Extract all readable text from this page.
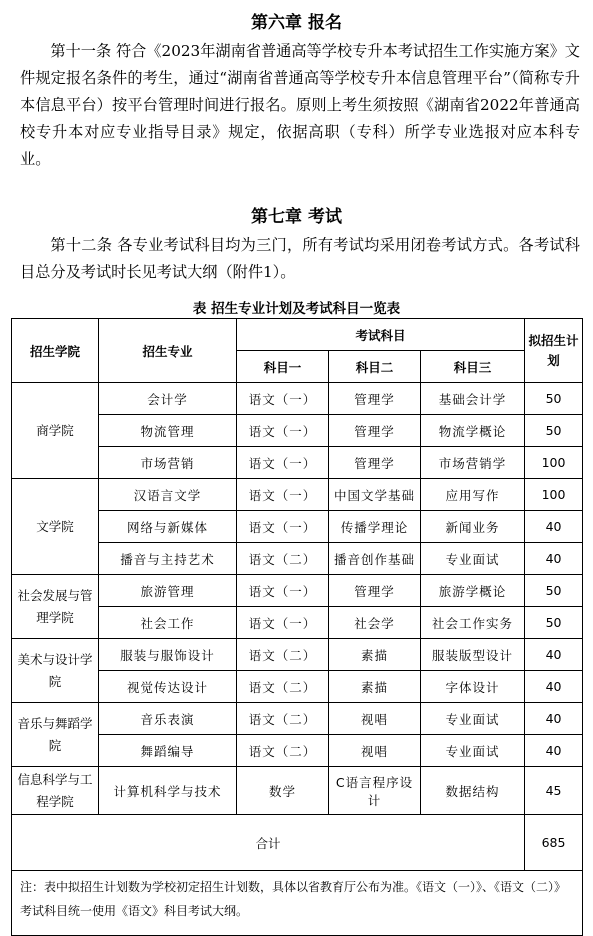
第六章 报名

第十一条 符合《2023年湖南省普通高等学校专升本考试招生工作实施方案》文件规定报名条件的考生，通过“湖南省普通高等学校专升本信息管理平台”（简称专升本信息平台）按平台管理时间进行报名。原则上考生须按照《湖南省2022年普通高校专升本对应专业指导目录》规定，依据高职（专科）所学专业选报对应本科专业。

第七章 考试

第十二条 各专业考试科目均为三门，所有考试均采用闭卷考试方式。各考试科目总分及考试时长见考试大纲（附件1）。

表 招生专业计划及考试科目一览表
招生学院	招生专业	考试科目			拟招生计划
		科目一	科目二	科目三	
商学院	会计学	语文（一）	管理学	基础会计学	50
	物流管理	语文（一）	管理学	物流学概论	50
	市场营销	语文（一）	管理学	市场营销学	100
文学院	汉语言文学	语文（一）	中国文学基础	应用写作	100
	网络与新媒体	语文（一）	传播学理论	新闻业务	40
	播音与主持艺术	语文（二）	播音创作基础	专业面试	40
社会发展与管理学院	旅游管理	语文（一）	管理学	旅游学概论	50
	社会工作	语文（一）	社会学	社会工作实务	50
美术与设计学院	服装与服饰设计	语文（二）	素描	服装版型设计	40
	视觉传达设计	语文（二）	素描	字体设计	40
音乐与舞蹈学院	音乐表演	语文（二）	视唱	专业面试	40
	舞蹈编导	语文（二）	视唱	专业面试	40
信息科学与工程学院	计算机科学与技术	数学	C语言程序设计	数据结构	45
合计					685
注：表中拟招生计划数为学校初定招生计划数，具体以省教育厅公布为准。《语文（一）》、《语文（二）》考试科目统一使用《语文》科目考试大纲。					
